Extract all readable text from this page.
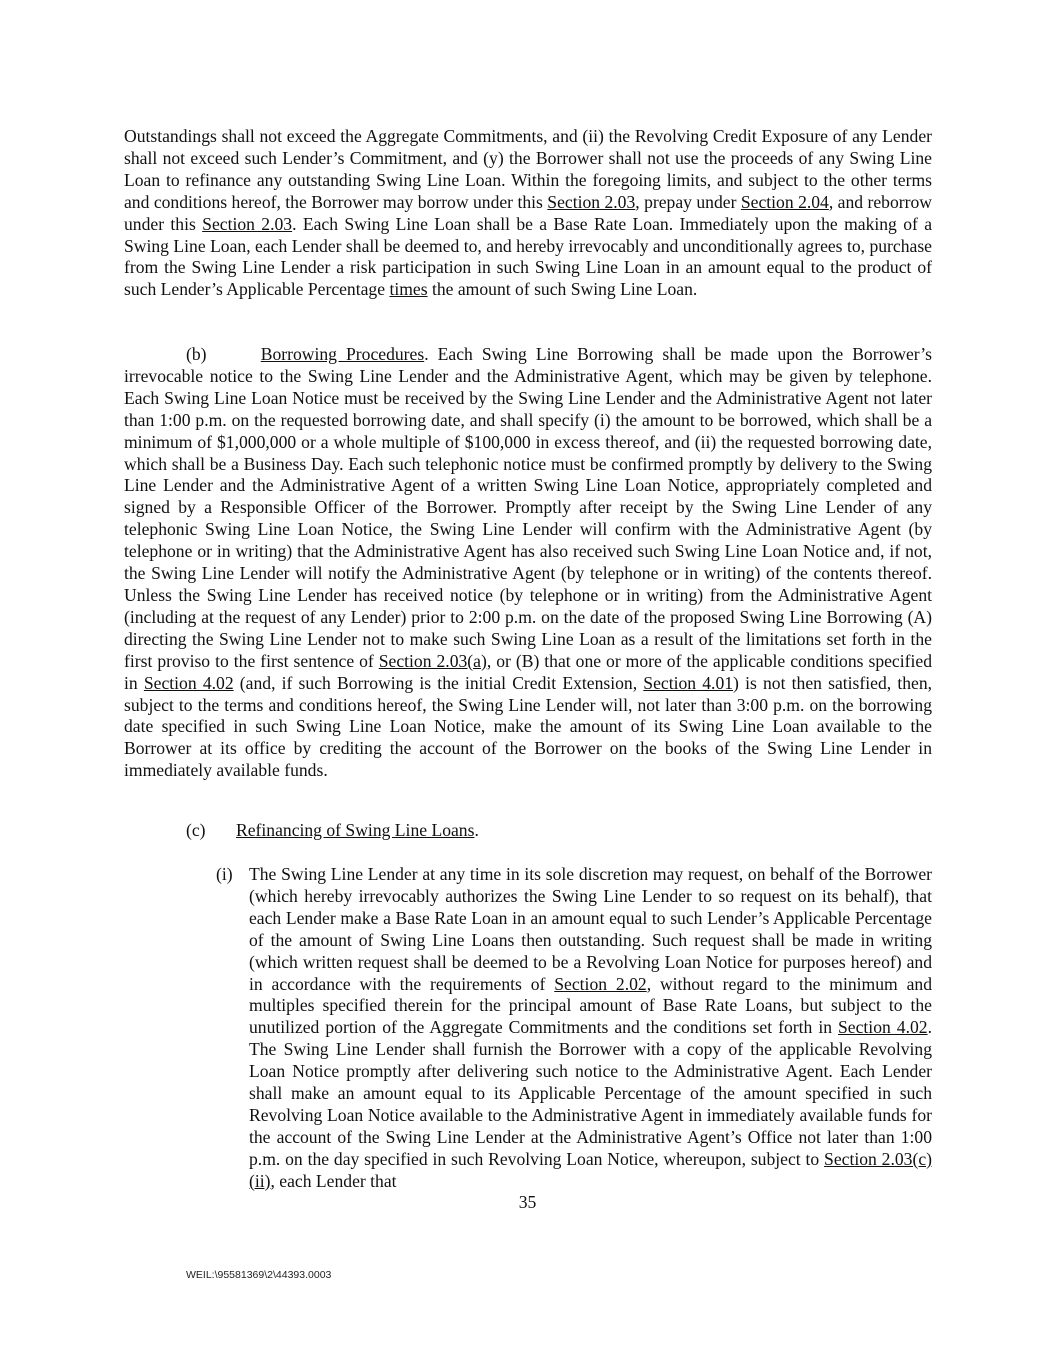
Outstandings shall not exceed the Aggregate Commitments, and (ii) the Revolving Credit Exposure of any Lender shall not exceed such Lender’s Commitment, and (y) the Borrower shall not use the proceeds of any Swing Line Loan to refinance any outstanding Swing Line Loan. Within the foregoing limits, and subject to the other terms and conditions hereof, the Borrower may borrow under this Section 2.03, prepay under Section 2.04, and reborrow under this Section 2.03. Each Swing Line Loan shall be a Base Rate Loan. Immediately upon the making of a Swing Line Loan, each Lender shall be deemed to, and hereby irrevocably and unconditionally agrees to, purchase from the Swing Line Lender a risk participation in such Swing Line Loan in an amount equal to the product of such Lender’s Applicable Percentage times the amount of such Swing Line Loan.

(b)	Borrowing Procedures. Each Swing Line Borrowing shall be made upon the Borrower’s irrevocable notice to the Swing Line Lender and the Administrative Agent, which may be given by telephone. Each Swing Line Loan Notice must be received by the Swing Line Lender and the Administrative Agent not later than 1:00 p.m. on the requested borrowing date, and shall specify (i) the amount to be borrowed, which shall be a minimum of $1,000,000 or a whole multiple of $100,000 in excess thereof, and (ii) the requested borrowing date, which shall be a Business Day. Each such telephonic notice must be confirmed promptly by delivery to the Swing Line Lender and the Administrative Agent of a written Swing Line Loan Notice, appropriately completed and signed by a Responsible Officer of the Borrower. Promptly after receipt by the Swing Line Lender of any telephonic Swing Line Loan Notice, the Swing Line Lender will confirm with the Administrative Agent (by telephone or in writing) that the Administrative Agent has also received such Swing Line Loan Notice and, if not, the Swing Line Lender will notify the Administrative Agent (by telephone or in writing) of the contents thereof. Unless the Swing Line Lender has received notice (by telephone or in writing) from the Administrative Agent (including at the request of any Lender) prior to 2:00 p.m. on the date of the proposed Swing Line Borrowing (A) directing the Swing Line Lender not to make such Swing Line Loan as a result of the limitations set forth in the first proviso to the first sentence of Section 2.03(a), or (B) that one or more of the applicable conditions specified in Section 4.02 (and, if such Borrowing is the initial Credit Extension, Section 4.01) is not then satisfied, then, subject to the terms and conditions hereof, the Swing Line Lender will, not later than 3:00 p.m. on the borrowing date specified in such Swing Line Loan Notice, make the amount of its Swing Line Loan available to the Borrower at its office by crediting the account of the Borrower on the books of the Swing Line Lender in immediately available funds.

(c) Refinancing of Swing Line Loans.

(i) The Swing Line Lender at any time in its sole discretion may request, on behalf of the Borrower (which hereby irrevocably authorizes the Swing Line Lender to so request on its behalf), that each Lender make a Base Rate Loan in an amount equal to such Lender’s Applicable Percentage of the amount of Swing Line Loans then outstanding. Such request shall be made in writing (which written request shall be deemed to be a Revolving Loan Notice for purposes hereof) and in accordance with the requirements of Section 2.02, without regard to the minimum and multiples specified therein for the principal amount of Base Rate Loans, but subject to the unutilized portion of the Aggregate Commitments and the conditions set forth in Section 4.02. The Swing Line Lender shall furnish the Borrower with a copy of the applicable Revolving Loan Notice promptly after delivering such notice to the Administrative Agent. Each Lender shall make an amount equal to its Applicable Percentage of the amount specified in such Revolving Loan Notice available to the Administrative Agent in immediately available funds for the account of the Swing Line Lender at the Administrative Agent’s Office not later than 1:00 p.m. on the day specified in such Revolving Loan Notice, whereupon, subject to Section 2.03(c)(ii), each Lender that

35
WEIL:\95581369\2\44393.0003
